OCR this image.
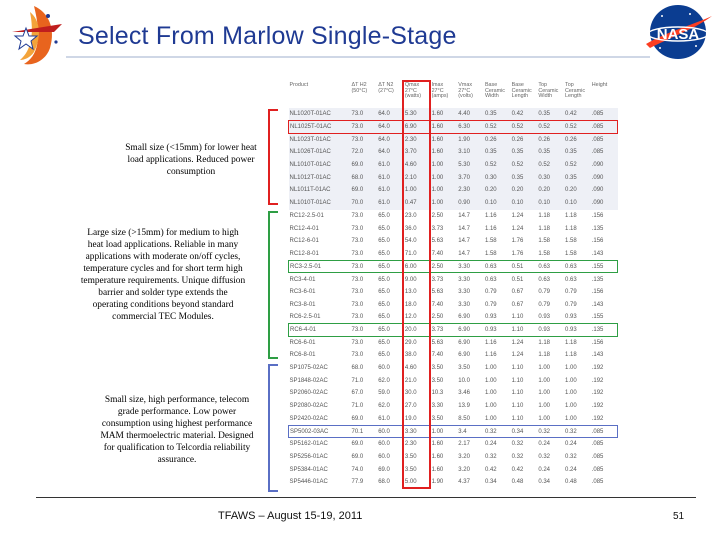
Select From Marlow Single-Stage	NASA
Small size (<15mm) for lower heat load applications. Reduced power consumption
Large size (>15mm) for medium to high heat load applications. Reliable in many applications with moderate on/off cycles, temperature cycles and for short term high temperature requirements. Unique diffusion barrier and solder type extends the operating conditions beyond standard commercial TEC Modules.
Small size, high performance, telecom grade performance. Low power consumption using highest performance MAM thermoelectric material. Designed for qualification to Telcordia reliability assurance.
Product	ΔT H2 (50°C)	ΔT N2 (27°C)	Qmax 27°C (watts)	Imax 27°C (amps)	Vmax 27°C (volts)	Base Ceramic Width	Base Ceramic Length	Top Ceramic Width	Top Ceramic Length	Height
NL1020T-01AC	73.0	64.0	5.30	1.60	4.40	0.35	0.42	0.35	0.42	.085
NL1025T-01AC	73.0	64.0	6.90	1.60	6.30	0.52	0.52	0.52	0.52	.085
NL1023T-01AC	73.0	64.0	2.30	1.60	1.90	0.26	0.26	0.26	0.26	.085
NL1026T-01AC	72.0	64.0	3.70	1.60	3.10	0.35	0.35	0.35	0.35	.085
NL1010T-01AC	69.0	61.0	4.60	1.00	5.30	0.52	0.52	0.52	0.52	.090
NL1012T-01AC	68.0	61.0	2.10	1.00	3.70	0.30	0.35	0.30	0.35	.090
NL1011T-01AC	69.0	61.0	1.00	1.00	2.30	0.20	0.20	0.20	0.20	.090
NL1010T-01AC	70.0	61.0	0.47	1.00	0.90	0.10	0.10	0.10	0.10	.090
RC12-2.5-01	73.0	65.0	23.0	2.50	14.7	1.16	1.24	1.18	1.18	.156
RC12-4-01	73.0	65.0	36.0	3.73	14.7	1.16	1.24	1.18	1.18	.135
RC12-6-01	73.0	65.0	54.0	5.63	14.7	1.58	1.76	1.58	1.58	.156
RC12-8-01	73.0	65.0	71.0	7.40	14.7	1.58	1.76	1.58	1.58	.143
RC3-2.5-01	73.0	65.0	6.00	2.50	3.30	0.63	0.51	0.63	0.63	.155
RC3-4-01	73.0	65.0	9.00	3.73	3.30	0.63	0.51	0.63	0.63	.135
RC3-6-01	73.0	65.0	13.0	5.63	3.30	0.79	0.67	0.79	0.79	.156
RC3-8-01	73.0	65.0	18.0	7.40	3.30	0.79	0.67	0.79	0.79	.143
RC6-2.5-01	73.0	65.0	12.0	2.50	6.90	0.93	1.10	0.93	0.93	.155
RC6-4-01	73.0	65.0	20.0	3.73	6.90	0.93	1.10	0.93	0.93	.135
RC6-6-01	73.0	65.0	29.0	5.63	6.90	1.16	1.24	1.18	1.18	.156
RC6-8-01	73.0	65.0	38.0	7.40	6.90	1.16	1.24	1.18	1.18	.143
SP1075-02AC	68.0	60.0	4.60	3.50	3.50	1.00	1.10	1.00	1.00	.192
SP1848-02AC	71.0	62.0	21.0	3.50	10.0	1.00	1.10	1.00	1.00	.192
SP2060-02AC	67.0	59.0	30.0	10.3	3.46	1.00	1.10	1.00	1.00	.192
SP2080-02AC	71.0	62.0	27.0	3.30	13.9	1.00	1.10	1.00	1.00	.192
SP2420-02AC	69.0	61.0	19.0	3.50	8.50	1.00	1.10	1.00	1.00	.192
SP5002-03AC	70.1	60.0	3.30	1.00	3.4	0.32	0.34	0.32	0.32	.085
SP5162-01AC	69.0	60.0	2.30	1.60	2.17	0.24	0.32	0.24	0.24	.085
SP5256-01AC	69.0	60.0	3.50	1.60	3.20	0.32	0.32	0.32	0.32	.085
SP5384-01AC	74.0	69.0	3.50	1.60	3.20	0.42	0.42	0.24	0.24	.085
SP5446-01AC	77.9	68.0	5.00	1.90	4.37	0.34	0.48	0.34	0.48	.085
TFAWS – August 15-19, 2011	51
